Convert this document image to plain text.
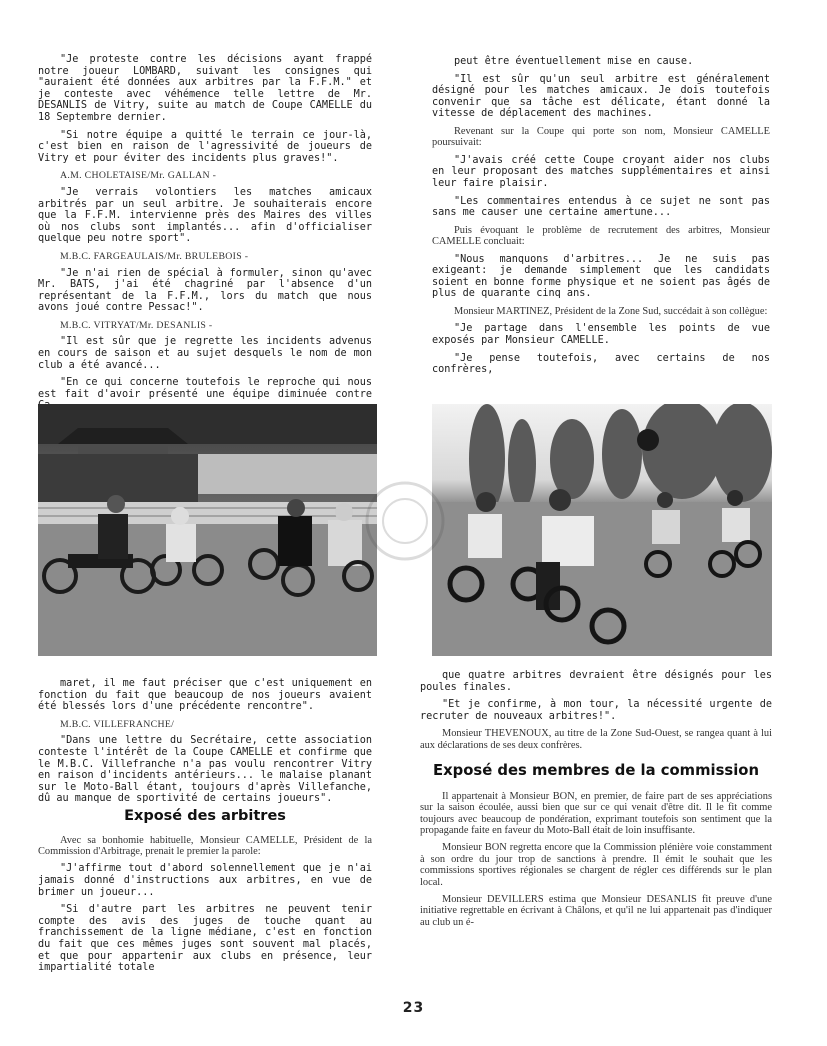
"Je proteste contre les décisions ayant frappé notre joueur LOMBARD, suivant les consignes qui "auraient été données aux arbitres par la F.F.M." et je conteste avec véhémence telle lettre de Mr. DESANLIS de Vitry, suite au match de Coupe CAMELLE du 18 Septembre dernier.

"Si notre équipe a quitté le terrain ce jour-là, c'est bien en raison de l'agressivité de joueurs de Vitry et pour éviter des incidents plus graves!".

A.M. CHOLETAISE/Mr. GALLAN -

"Je verrais volontiers les matches amicaux arbitrés par un seul arbitre. Je souhaiterais encore que la F.F.M. intervienne près des Maires des villes où nos clubs sont implantés... afin d'officialiser quelque peu notre sport".

M.B.C. FARGEAULAIS/Mr. BRULEBOIS -

"Je n'ai rien de spécial à formuler, sinon qu'avec Mr. BATS, j'ai été chagriné par l'absence d'un représentant de la F.F.M., lors du match que nous avons joué contre Pessac!".

M.B.C. VITRYAT/Mr. DESANLIS -

"Il est sûr que je regrette les incidents advenus en cours de saison et au sujet desquels le nom de mon club a été avancé...

"En ce qui concerne toutefois le reproche qui nous est fait d'avoir présenté une équipe diminuée contre

peut être éventuellement mise en cause.

"Il est sûr qu'un seul arbitre est généralement désigné pour les matches amicaux. Je dois toutefois convenir que sa tâche est délicate, étant donné la vitesse de déplacement des machines.

Revenant sur la Coupe qui porte son nom, Monsieur CAMELLE poursuivait:

"J'avais créé cette Coupe croyant aider nos clubs en leur proposant des matches supplémentaires et ainsi leur faire plaisir.

"Les commentaires entendus à ce sujet ne sont pas sans me causer une certaine amertune...

Puis évoquant le problème de recrutement des arbitres, Monsieur CAMELLE concluait:

"Nous manquons d'arbitres... Je ne suis pas exigeant: je demande simplement que les candidats soient en bonne forme physique et ne soient pas âgés de plus de quarante cinq ans.

Monsieur MARTINEZ, Président de la Zone Sud, succédait à son collègue:

"Je partage dans l'ensemble les points de vue exposés par Monsieur CAMELLE.

"Je pense toutefois, avec certains de nos confrères,

maret, il me faut préciser que c'est uniquement en fonction du fait que beaucoup de nos joueurs avaient été blessés lors d'une précédente rencontre".

M.B.C. VILLEFRANCHE/

"Dans une lettre du Secrétaire, cette association conteste l'intérêt de la Coupe CAMELLE et confirme que le M.B.C. Villefranche n'a pas voulu rencontrer Vitry en raison d'incidents antérieurs... le malaise planant sur le Moto-Ball étant, toujours d'après Villefanche, dû au manque de sportivité de certains joueurs".

Exposé des arbitres

Avec sa bonhomie habituelle, Monsieur CAMELLE, Président de la Commission d'Arbitrage, prenait le premier la parole:

"J'affirme tout d'abord solennellement que je n'ai jamais donné d'instructions aux arbitres, en vue de brimer un joueur...

"Si d'autre part les arbitres ne peuvent tenir compte des avis des juges de touche quant au franchissement de la ligne médiane, c'est en fonction du fait que ces mêmes juges sont souvent mal placés, et que pour appartenir aux clubs en présence, leur impartialité totale

que quatre arbitres devraient être désignés pour les poules finales.

"Et je confirme, à mon tour, la nécessité urgente de recruter de nouveaux arbitres!".

Monsieur THEVENOUX, au titre de la Zone Sud-Ouest, se rangea quant à lui aux déclarations de ses deux confrères.

Exposé des membres de la commission

Il appartenait à Monsieur BON, en premier, de faire part de ses appréciations sur la saison écoulée, aussi bien que sur ce qui venait d'être dit. Il le fit comme toujours avec beaucoup de pondération, exprimant toutefois son sentiment que la propagande faite en faveur du Moto-Ball était de loin insuffisante.

Monsieur BON regretta encore que la Commission plénière voie constamment à son ordre du jour trop de sanctions à prendre. Il émit le souhait que les commissions sportives régionales se chargent de régler ces différends sur le plan local.

Monsieur DEVILLERS estima que Monsieur DESANLIS fit preuve d'une initiative regrettable en écrivant à Châlons, et qu'il ne lui appartenait pas d'indiquer au club un é-

23
